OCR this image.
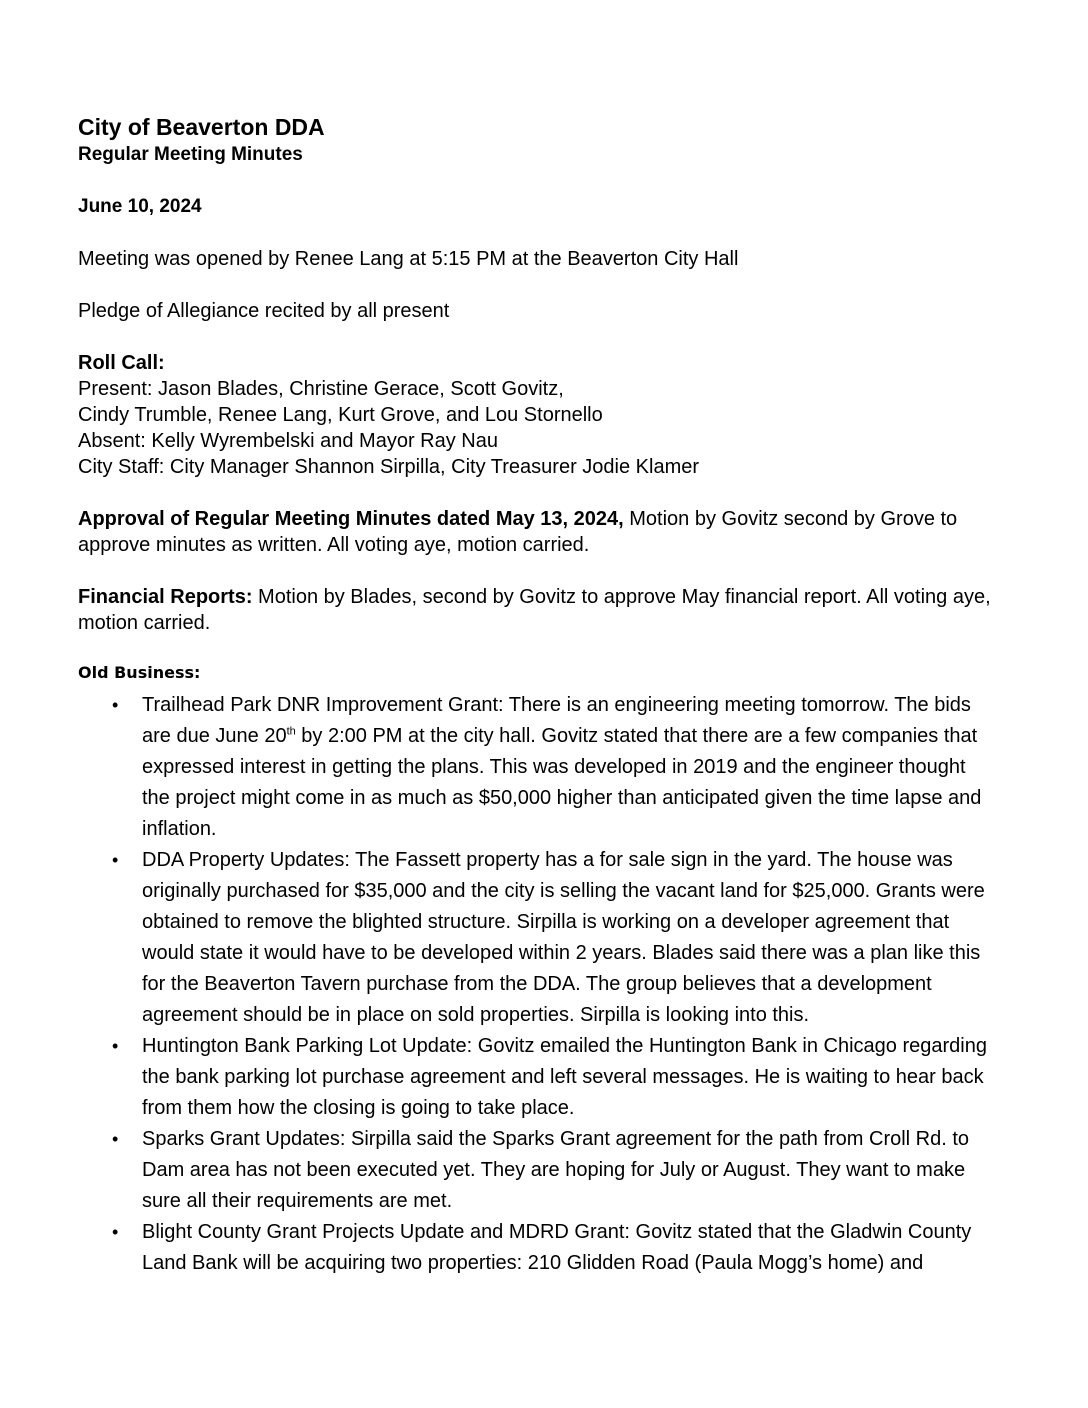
City of Beaverton DDA
Regular Meeting Minutes
June 10, 2024
Meeting was opened by Renee Lang at 5:15 PM at the Beaverton City Hall
Pledge of Allegiance recited by all present
Roll Call:
Present: Jason Blades, Christine Gerace, Scott Govitz,
Cindy Trumble, Renee Lang, Kurt Grove, and Lou Stornello
Absent: Kelly Wyrembelski and Mayor Ray Nau
City Staff: City Manager Shannon Sirpilla, City Treasurer Jodie Klamer
Approval of Regular Meeting Minutes dated May 13, 2024, Motion by Govitz second by Grove to approve minutes as written. All voting aye, motion carried.
Financial Reports: Motion by Blades, second by Govitz to approve May financial report. All voting aye, motion carried.
Old Business:
• Trailhead Park DNR Improvement Grant: There is an engineering meeting tomorrow. The bids are due June 20th by 2:00 PM at the city hall. Govitz stated that there are a few companies that expressed interest in getting the plans. This was developed in 2019 and the engineer thought the project might come in as much as $50,000 higher than anticipated given the time lapse and inflation.
• DDA Property Updates: The Fassett property has a for sale sign in the yard. The house was originally purchased for $35,000 and the city is selling the vacant land for $25,000. Grants were obtained to remove the blighted structure. Sirpilla is working on a developer agreement that would state it would have to be developed within 2 years. Blades said there was a plan like this for the Beaverton Tavern purchase from the DDA. The group believes that a development agreement should be in place on sold properties. Sirpilla is looking into this.
• Huntington Bank Parking Lot Update: Govitz emailed the Huntington Bank in Chicago regarding the bank parking lot purchase agreement and left several messages. He is waiting to hear back from them how the closing is going to take place.
• Sparks Grant Updates: Sirpilla said the Sparks Grant agreement for the path from Croll Rd. to Dam area has not been executed yet. They are hoping for July or August. They want to make sure all their requirements are met.
• Blight County Grant Projects Update and MDRD Grant: Govitz stated that the Gladwin County Land Bank will be acquiring two properties: 210 Glidden Road (Paula Mogg’s home) and
